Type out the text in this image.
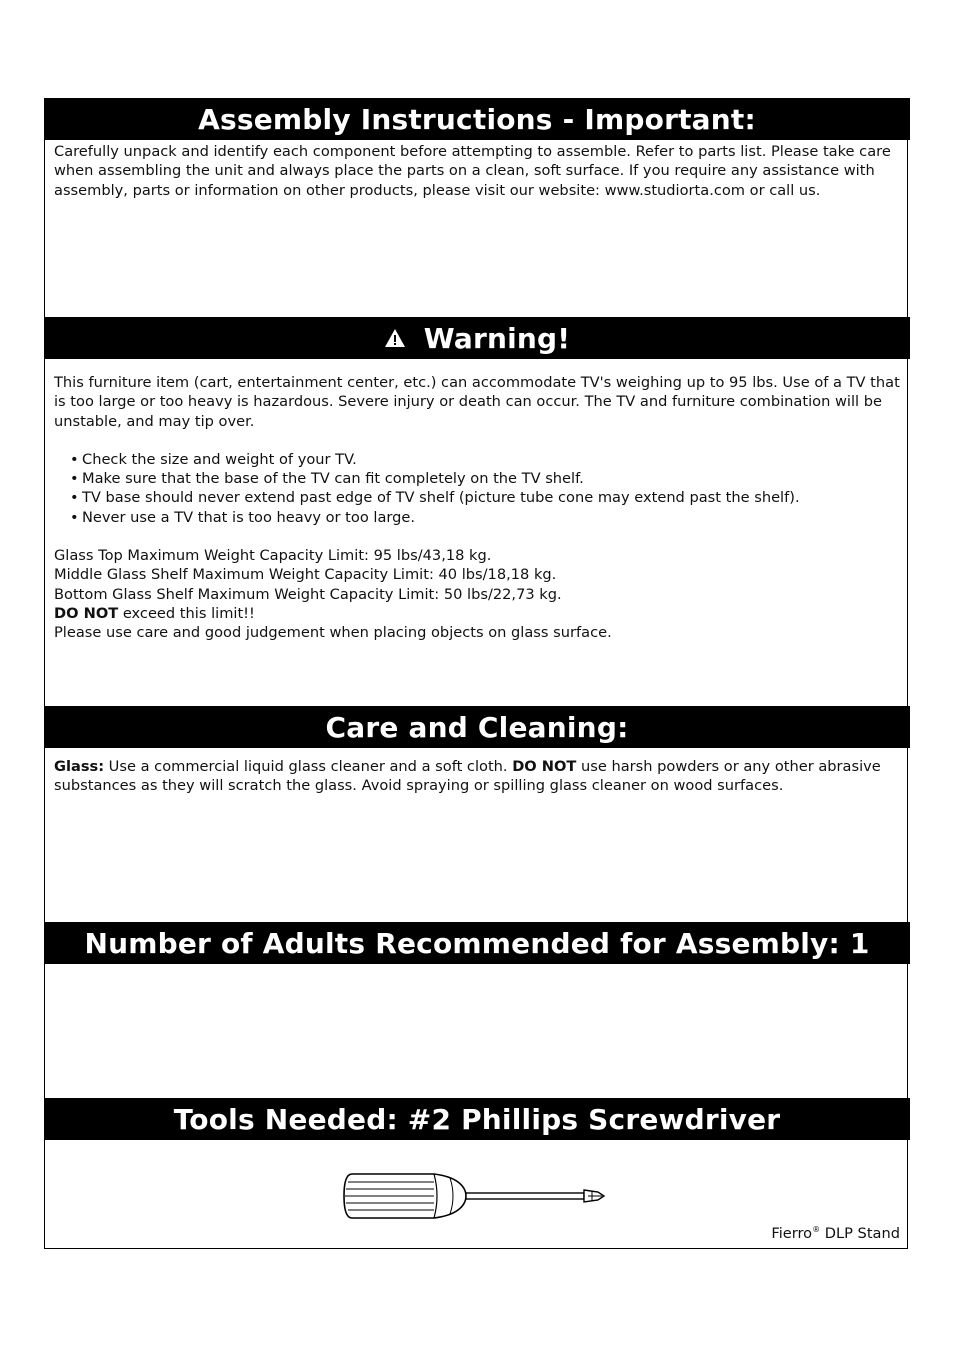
Assembly Instructions - Important:

Carefully unpack and identify each component before attempting to assemble. Refer to parts list. Please take care when assembling the unit and always place the parts on a clean, soft surface. If you require any assistance with assembly, parts or information on other products, please visit our website: www.studiorta.com or call us.

Warning!

This furniture item (cart, entertainment center, etc.) can accommodate TV's weighing up to 95 lbs. Use of a TV that is too large or too heavy is hazardous. Severe injury or death can occur. The TV and furniture combination will be unstable, and may tip over.

• Check the size and weight of your TV.
• Make sure that the base of the TV can fit completely on the TV shelf.
• TV base should never extend past edge of TV shelf (picture tube cone may extend past the shelf).
• Never use a TV that is too heavy or too large.

Glass Top Maximum Weight Capacity Limit: 95 lbs/43,18 kg.

Middle Glass Shelf Maximum Weight Capacity Limit: 40 lbs/18,18 kg.

Bottom Glass Shelf Maximum Weight Capacity Limit: 50 lbs/22,73 kg.

DO NOT exceed this limit!!

Please use care and good judgement when placing objects on glass surface.

Care and Cleaning:

Glass: Use a commercial liquid glass cleaner and a soft cloth. DO NOT use harsh powders or any other abrasive substances as they will scratch the glass. Avoid spraying or spilling glass cleaner on wood surfaces.

Number of Adults Recommended for Assembly: 1
Tools Needed: #2 Phillips Screwdriver
Fierro® DLP Stand
